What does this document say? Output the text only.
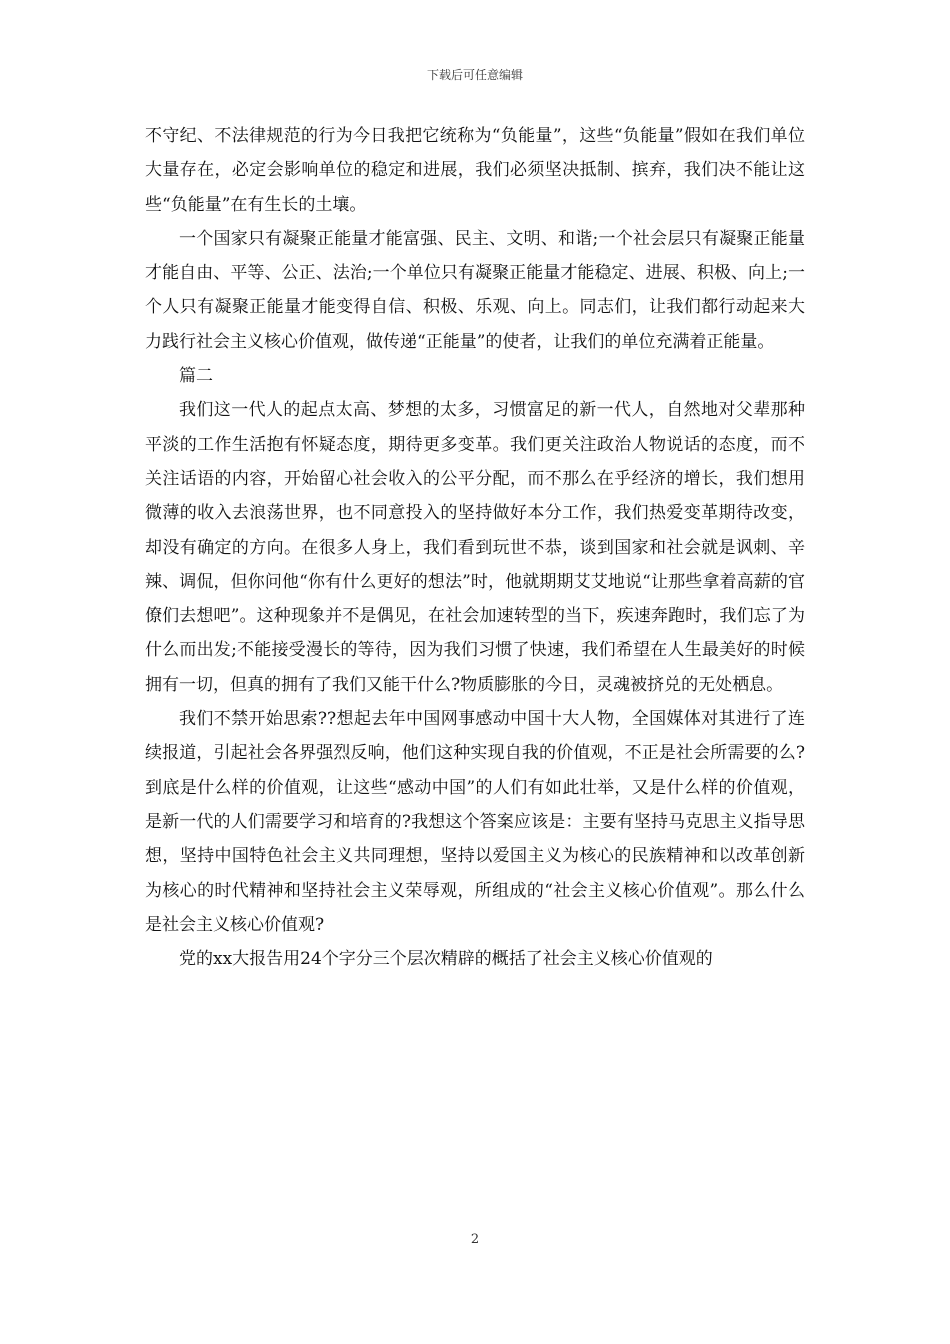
下载后可任意编辑

不守纪、不法律规范的行为今日我把它统称为“负能量”，这些“负能量”假如在我们单位大量存在，必定会影响单位的稳定和进展，我们必须坚决抵制、摈弃，我们决不能让这些“负能量”在有生长的土壤。

一个国家只有凝聚正能量才能富强、民主、文明、和谐;一个社会层只有凝聚正能量才能自由、平等、公正、法治;一个单位只有凝聚正能量才能稳定、进展、积极、向上;一个人只有凝聚正能量才能变得自信、积极、乐观、向上。同志们，让我们都行动起来大力践行社会主义核心价值观，做传递“正能量”的使者，让我们的单位充满着正能量。

篇二

我们这一代人的起点太高、梦想的太多，习惯富足的新一代人，自然地对父辈那种平淡的工作生活抱有怀疑态度，期待更多变革。我们更关注政治人物说话的态度，而不关注话语的内容，开始留心社会收入的公平分配，而不那么在乎经济的增长，我们想用微薄的收入去浪荡世界，也不同意投入的坚持做好本分工作，我们热爱变革期待改变，却没有确定的方向。在很多人身上，我们看到玩世不恭，谈到国家和社会就是讽刺、辛辣、调侃，但你问他“你有什么更好的想法”时，他就期期艾艾地说“让那些拿着高薪的官僚们去想吧”。这种现象并不是偶见，在社会加速转型的当下，疾速奔跑时，我们忘了为什么而出发;不能接受漫长的等待，因为我们习惯了快速，我们希望在人生最美好的时候拥有一切，但真的拥有了我们又能干什么?物质膨胀的今日，灵魂被挤兑的无处栖息。

我们不禁开始思索??想起去年中国网事感动中国十大人物，全国媒体对其进行了连续报道，引起社会各界强烈反响，他们这种实现自我的价值观，不正是社会所需要的么?到底是什么样的价值观，让这些“感动中国”的人们有如此壮举，又是什么样的价值观，是新一代的人们需要学习和培育的?我想这个答案应该是：主要有坚持马克思主义指导思想，坚持中国特色社会主义共同理想，坚持以爱国主义为核心的民族精神和以改革创新为核心的时代精神和坚持社会主义荣辱观，所组成的“社会主义核心价值观”。那么什么是社会主义核心价值观?

党的xx大报告用24个字分三个层次精辟的概括了社会主义核心价值观的

2
